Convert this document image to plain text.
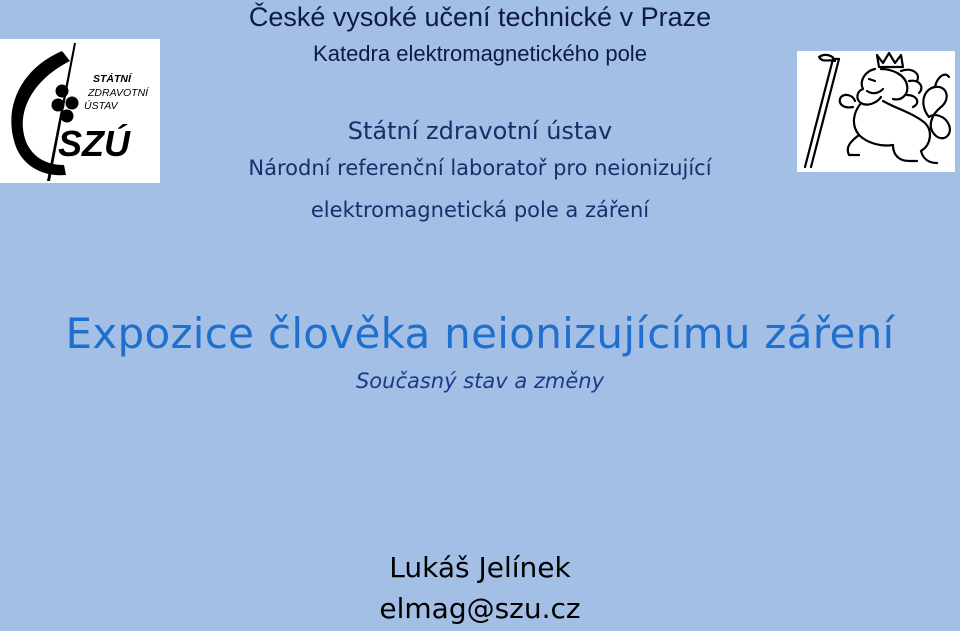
STÁTNÍ
ZDRAVOTNÍ
ÚSTAV
SZÚ
České vysoké učení technické v Praze
Katedra elektromagnetického pole
Státní zdravotní ústav
Národní referenční laboratoř pro neionizující
elektromagnetická pole a záření
Expozice člověka neionizujícímu záření
Současný stav a změny
Lukáš Jelínek
elmag@szu.cz
